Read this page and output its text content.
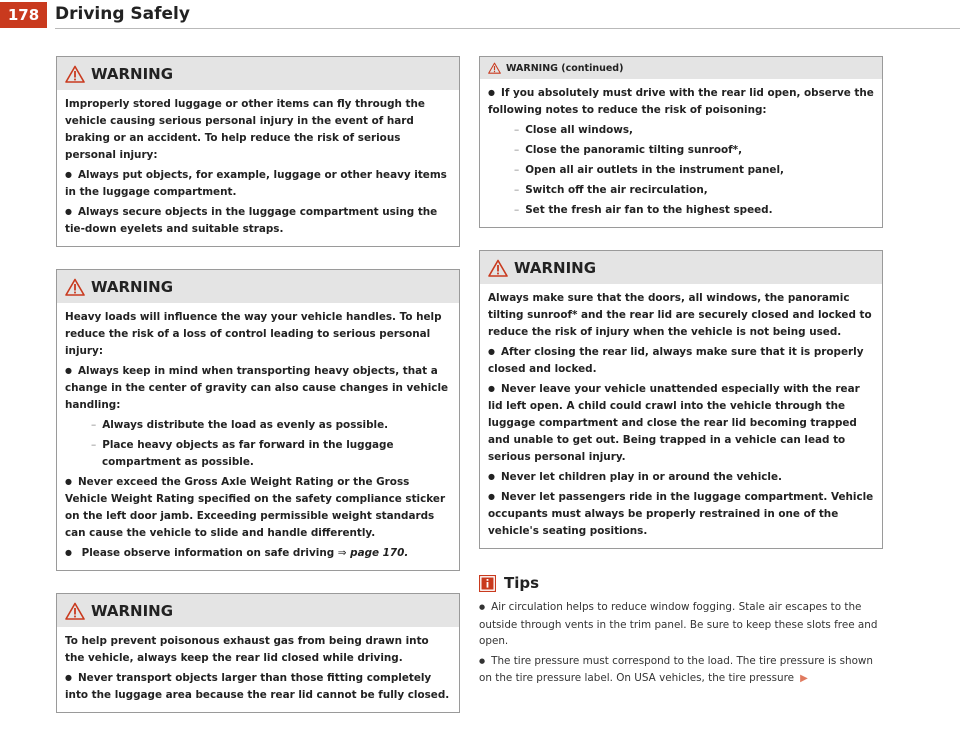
178 Driving Safely
WARNING

Improperly stored luggage or other items can fly through the vehicle causing serious personal injury in the event of hard braking or an accident. To help reduce the risk of serious personal injury:

● Always put objects, for example, luggage or other heavy items in the luggage compartment.

● Always secure objects in the luggage compartment using the tie-down eyelets and suitable straps.

WARNING

Heavy loads will influence the way your vehicle handles. To help reduce the risk of a loss of control leading to serious personal injury:

● Always keep in mind when transporting heavy objects, that a change in the center of gravity can also cause changes in vehicle handling:

– Always distribute the load as evenly as possible.

– Place heavy objects as far forward in the luggage compartment as possible.

● Never exceed the Gross Axle Weight Rating or the Gross Vehicle Weight Rating specified on the safety compliance sticker on the left door jamb. Exceeding permissible weight standards can cause the vehicle to slide and handle differently.

● Please observe information on safe driving ⇒ page 170.

WARNING

To help prevent poisonous exhaust gas from being drawn into the vehicle, always keep the rear lid closed while driving.

● Never transport objects larger than those fitting completely into the luggage area because the rear lid cannot be fully closed.

WARNING (continued)

● If you absolutely must drive with the rear lid open, observe the following notes to reduce the risk of poisoning:

– Close all windows,

– Close the panoramic tilting sunroof*,

– Open all air outlets in the instrument panel,

– Switch off the air recirculation,

– Set the fresh air fan to the highest speed.

WARNING

Always make sure that the doors, all windows, the panoramic tilting sunroof* and the rear lid are securely closed and locked to reduce the risk of injury when the vehicle is not being used.

● After closing the rear lid, always make sure that it is properly closed and locked.

● Never leave your vehicle unattended especially with the rear lid left open. A child could crawl into the vehicle through the luggage compartment and close the rear lid becoming trapped and unable to get out. Being trapped in a vehicle can lead to serious personal injury.

● Never let children play in or around the vehicle.

● Never let passengers ride in the luggage compartment. Vehicle occupants must always be properly restrained in one of the vehicle's seating positions.

Tips

● Air circulation helps to reduce window fogging. Stale air escapes to the outside through vents in the trim panel. Be sure to keep these slots free and open.

● The tire pressure must correspond to the load. The tire pressure is shown on the tire pressure label. On USA vehicles, the tire pressure ▶
